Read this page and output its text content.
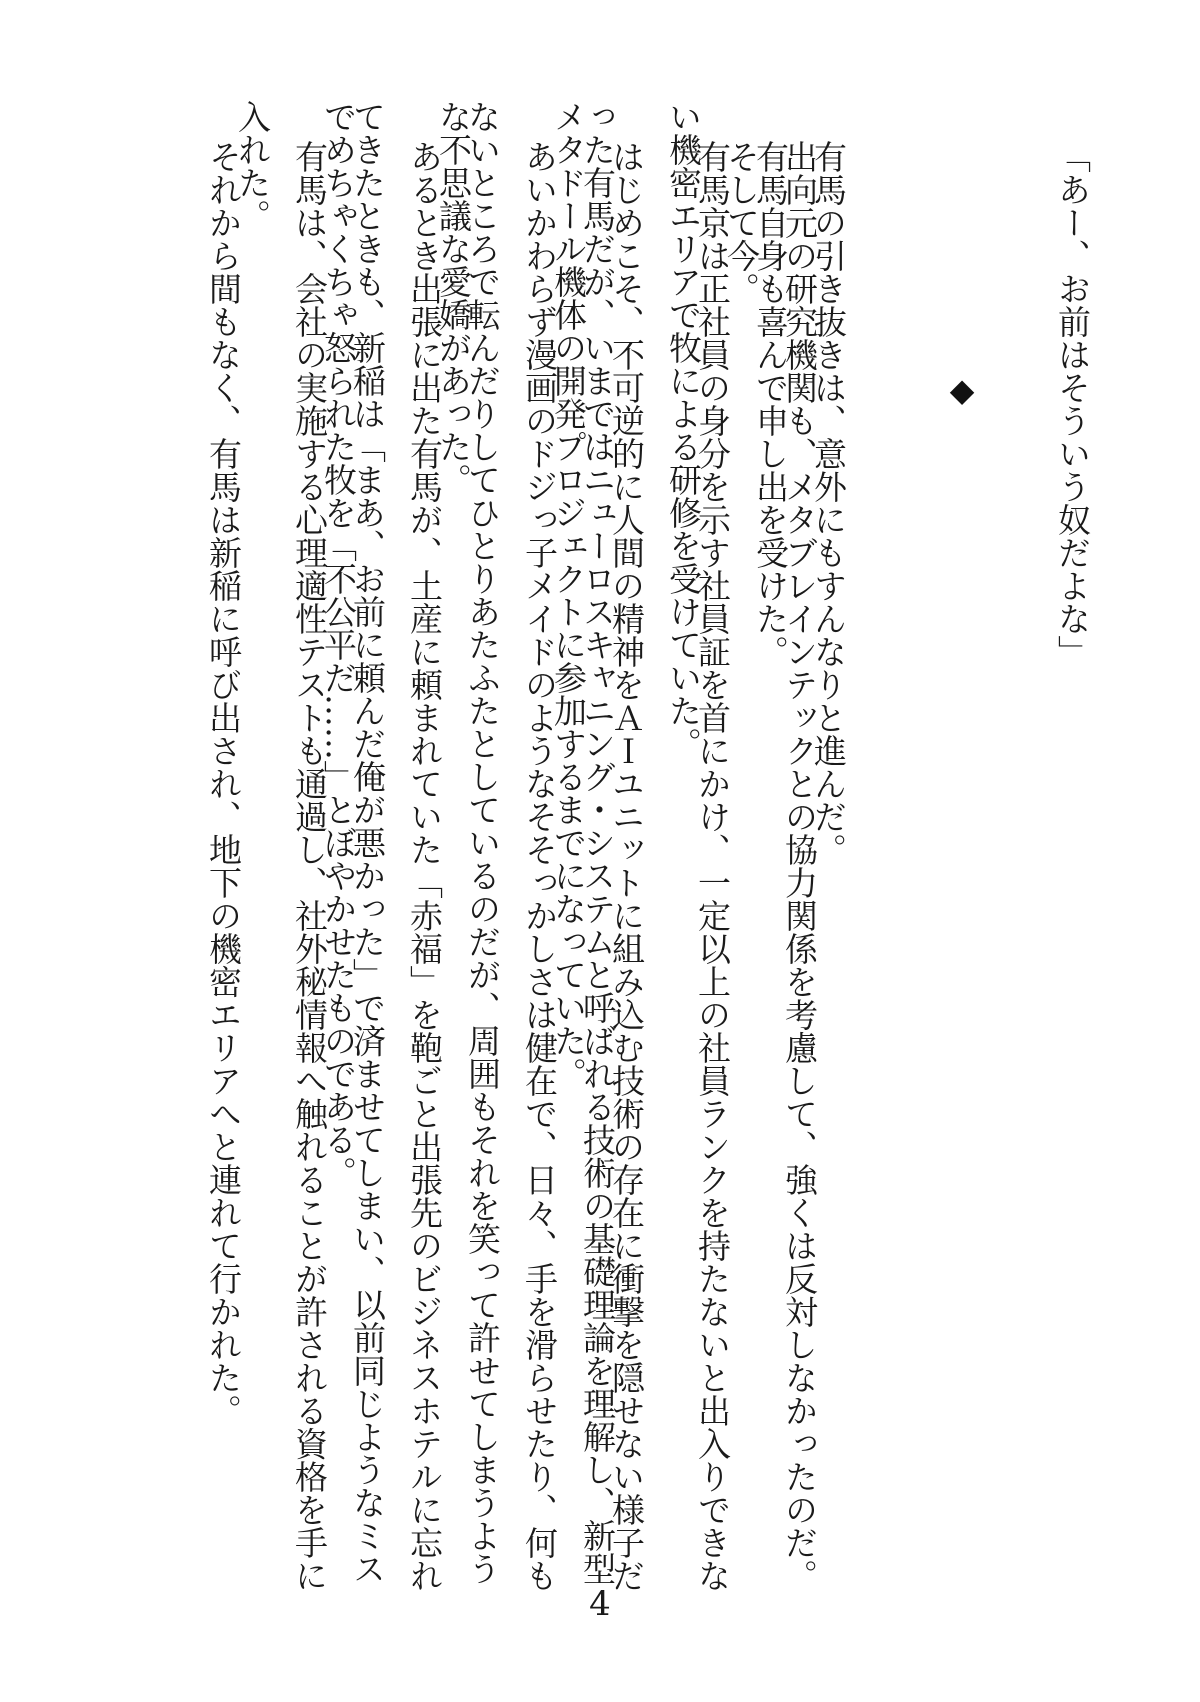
「あー、お前はそういう奴だよな」

有馬の引き抜きは、意外にもすんなりと進んだ。

出向元の研究機関も、メタブレインテックとの協力関係を考慮して、強くは反対しなかったのだ。

有馬自身も喜んで申し出を受けた。

そして今。

有馬京は正社員の身分を示す社員証を首にかけ、一定以上の社員ランクを持たないと出入りできな

い機密エリアで牧による研修を受けていた。

はじめこそ、不可逆的に人間の精神をＡＩユニットに組み込む技術の存在に衝撃を隠せない様子だ

った有馬だが、いまではニューロスキャニング・システムと呼ばれる技術の基礎理論を理解し、新型

メタドール機体の開発プロジェクトに参加するまでになっていた。

あいかわらず漫画のドジっ子メイドのようなそそっかしさは健在で、日々、手を滑らせたり、何も

ないところで転んだりしてひとりあたふたとしているのだが、周囲もそれを笑って許せてしまうよう

な不思議な愛嬌があった。

あるとき出張に出た有馬が、土産に頼まれていた「赤福」を鞄ごと出張先のビジネスホテルに忘れ

てきたときも、新稲は「まあ、お前に頼んだ俺が悪かった」で済ませてしまい、以前同じようなミス

でめちゃくちゃ怒られた牧を「不公平だ……」とぼやかせたものである。

有馬は、会社の実施する心理適性テストも通過し、社外秘情報へ触れることが許される資格を手に

入れた。

それから間もなく、有馬は新稲に呼び出され、地下の機密エリアへと連れて行かれた。	◆
4
